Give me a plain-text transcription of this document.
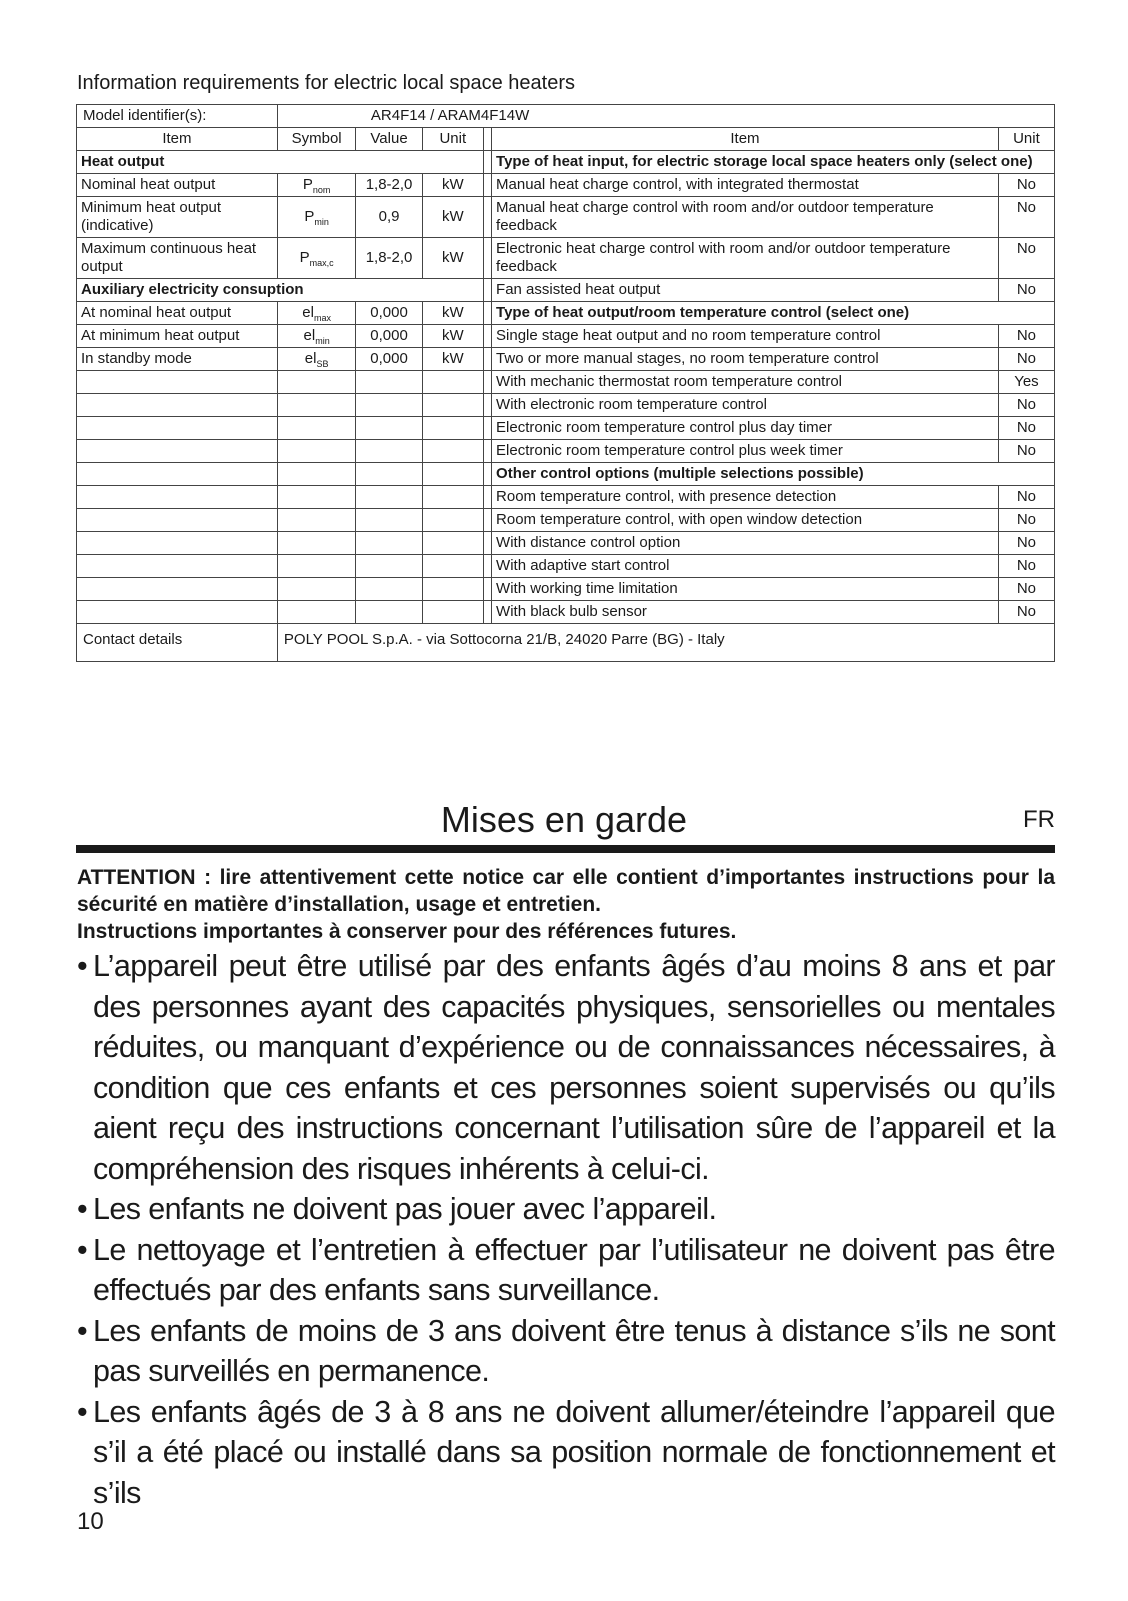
Information requirements for electric local space heaters
Model identifier(s):	AR4F14 / ARAM4F14W					
Item	Symbol	Value	Unit		Item	Unit
Heat output					Type of heat input, for electric storage local space heaters only (select one)	
Nominal heat output	$P_{nom}$	1,8-2,0	kW		Manual heat charge control, with integrated thermostat	No
Minimum heat output (indicative)	$P_{min}$	0,9	kW		Manual heat charge control with room and/or outdoor temperature feedback	No
Maximum continuous heat output	$P_{max,c}$	1,8-2,0	kW		Electronic heat charge control with room and/or outdoor temperature feedback	No
Auxiliary electricity consuption					Fan assisted heat output	No
At nominal heat output	$el_{max}$	0,000	kW		Type of heat output/room temperature control (select one)	
At minimum heat output	$el_{min}$	0,000	kW		Single stage heat output and no room temperature control	No
In standby mode	$el_{SB}$	0,000	kW		Two or more manual stages, no room temperature control	No
					With mechanic thermostat room temperature control	Yes
					With electronic room temperature control	No
					Electronic room temperature control plus day timer	No
					Electronic room temperature control plus week timer	No
					Other control options (multiple selections possible)	
					Room temperature control, with presence detection	No
					Room temperature control, with open window detection	No
					With distance control option	No
					With adaptive start control	No
					With working time limitation	No
					With black bulb sensor	No
Contact details	POLY POOL S.p.A. - via Sottocorna 21/B, 24020 Parre (BG) - Italy					
Mises en garde	FR

ATTENTION : lire attentivement cette notice car elle contient d’importantes instructions pour la sécurité en matière d’installation, usage et entretien.

Instructions importantes à conserver pour des références futures.

• L’appareil peut être utilisé par des enfants âgés d’au moins 8 ans et par des personnes ayant des capacités physiques, sensorielles ou mentales réduites, ou manquant d’expérience ou de connaissances nécessaires, à condition que ces enfants et ces personnes soient supervisés ou qu’ils aient reçu des instructions concernant l’utilisation sûre de l’appareil et la compréhension des risques inhérents à celui-ci.
• Les enfants ne doivent pas jouer avec l’appareil.
• Le nettoyage et l’entretien à effectuer par l’utilisateur ne doivent pas être effectués par des enfants sans surveillance.
• Les enfants de moins de 3 ans doivent être tenus à distance s’ils ne sont pas surveillés en permanence.
• Les enfants âgés de 3 à 8 ans ne doivent allumer/éteindre l’appareil que s’il a été placé ou installé dans sa position normale de fonctionnement et s’ils
10
